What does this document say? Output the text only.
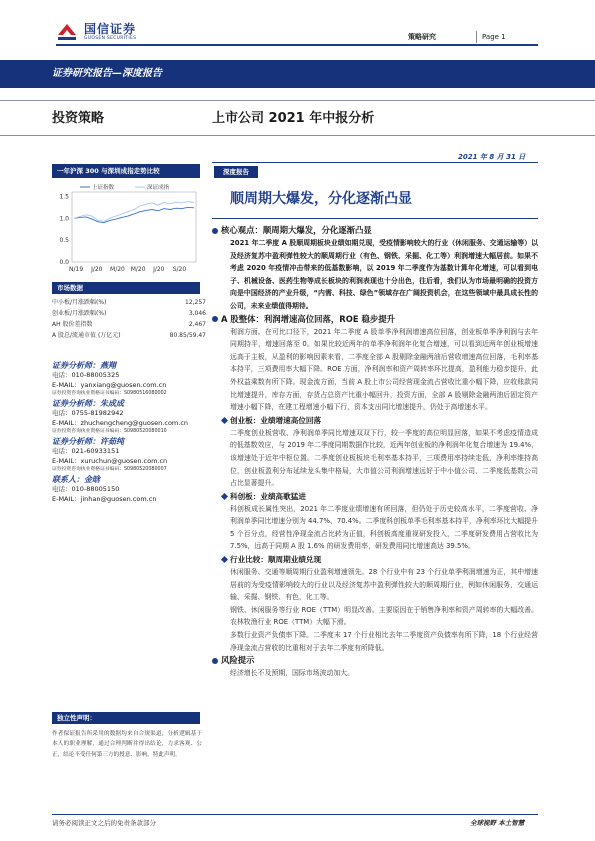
国信证券
GUOSEN SECURITIES	策略研究	Page 1
证券研究报告—深度报告
投资策略	上市公司 2021 年中报分析
一年沪深 300 与深圳成指走势比较
1.5
1.0
0.5
0.0
N/19 J/20 M/20 M/20 J/20 S/20
上证指数	深证成指
市场数据
中小板/月涨跌幅(%)	12,257
创业板/月涨跌幅(%)	3,046
AH 股价差指数	2,467
A 股总/流通市值 (万亿元)	80.85/59.47
证券分析师：燕翔
电话：010-88005325
E-MAIL：yanxiang@guosen.com.cn
证券投资咨询执业资格证书编码：S0980516080002
证券分析师：朱成成
电话：0755-81982942
E-MAIL：zhuchengcheng@guosen.com.cn
证券投资咨询执业资格证书编码：S0980520080010
证券分析师：许茹纯
电话：021-60933151
E-MAIL：xuruchun@guosen.com.cn
证券投资咨询执业资格证书编码：S0980520080007
联系人：金晗
电话：010-88005150
E-MAIL：jinhan@guosen.com.cn
独立性声明：
作者保证报告所采用的数据均来自合规渠道，分析逻辑基于本人的职业理解，通过合理判断并得出结论，力求客观、公正，结论不受任何第三方的授意、影响，特此声明。
2021 年 8 月 31 日
深度报告
顺周期大爆发，分化逐渐凸显
核心观点：顺周期大爆发，分化逐渐凸显
2021 年二季度 A 股顺周期板块业绩如期兑现，受疫情影响较大的行业（休闲服务、交通运输等）以及经济复苏中盈利弹性较大的顺周期行业（有色、钢铁、采掘、化工等）利润增速大幅居前。如果不考虑 2020 年疫情冲击带来的低基数影响，以 2019 年二季度作为基数计算年化增速，可以看到电子、机械设备、医药生物等成长板块的利润表现也十分出色，往后看，我们认为市场最明确的投资方向是中国经济的产业升级，“内需、科技、绿色”领域存在广阔投资机会，在这些领域中最具成长性的公司，未来业绩值得期待。
A 股整体：利润增速高位回落，ROE 稳步提升
利润方面。在可比口径下，2021 年二季度 A 股单季净利润增速高位回落，创业板单季净利润与去年同期持平，增速回落至 0。如果比较近两年的单季净利润年化复合增速，可以看到近两年创业板增速远高于主板，从盈利的影响因素来看，二季度全部 A 股剔除金融两油后营收增速高位回落，毛利率基本持平，三项费用率大幅下降。ROE 方面，净利润率和资产周转率环比提高，盈利能力稳步提升，此外权益乘数有所下降。现金流方面，当前 A 股上市公司经营现金流占营收比重小幅下降，应收账款同比增速提升，库存方面，存货占总资产比重小幅回升，投资方面，全部 A 股剔除金融两油后固定资产增速小幅下降，在建工程增速小幅下行，资本支出同比增速提升，仍处于高增速水平。
创业板：业绩增速高位回落
二季度创业板营收、净利润单季同比增速双双下行，较一季度的高位明显回落，如果不考虑疫情造成的低基数效应，与 2019 年二季度同期数据作比较，近两年创业板的净利润年化复合增速为 19.4%，该增速处于近年中枢位置。二季度创业板板块毛利率基本持平，三项费用率持续走低，净利率维持高位，创业板盈利分布延续龙头集中格局，大市值公司利润增速远好于中小值公司，二季度低基数公司占比显著提升。
科创板：业绩高歌猛进
科创板成长属性突出，2021 年二季度业绩增速有所回落，但仍处于历史较高水平，二季度营收、净利润单季同比增速分别为 44.7%、70.4%。二季度科创板单季毛利率基本持平，净利率环比大幅提升 5 个百分点，经营性净现金流占比转为正值，科创板高度重视研发投入，二季度研发费用占营收比为 7.5%，远高于同期 A 股 1.6% 的研发费用率，研发费用同比增速高达 39.5%。
行业比较：顺周期业绩兑现
休闲服务、交通等顺周期行业盈利增速领先。28 个行业中有 23 个行业单季利润增速为正，其中增速居前的为受疫情影响较大的行业以及经济复苏中盈利弹性较大的顺周期行业，例如休闲服务，交通运输、采掘、钢铁、有色，化工等。
钢铁、休闲服务等行业 ROE（TTM）明显改善。主要原因在于销售净利率和资产周转率的大幅改善。农林牧渔行业 ROE（TTM）大幅下滑。
多数行业资产负债率下降。二季度末 17 个行业相比去年二季度资产负债率有所下降，18 个行业经营净现金流占营收的比重相对于去年二季度有所降低。
风险提示
经济增长不及预期，国际市场波动加大。
请务必阅读正文之后的免责条款部分	全球视野 本土智慧
